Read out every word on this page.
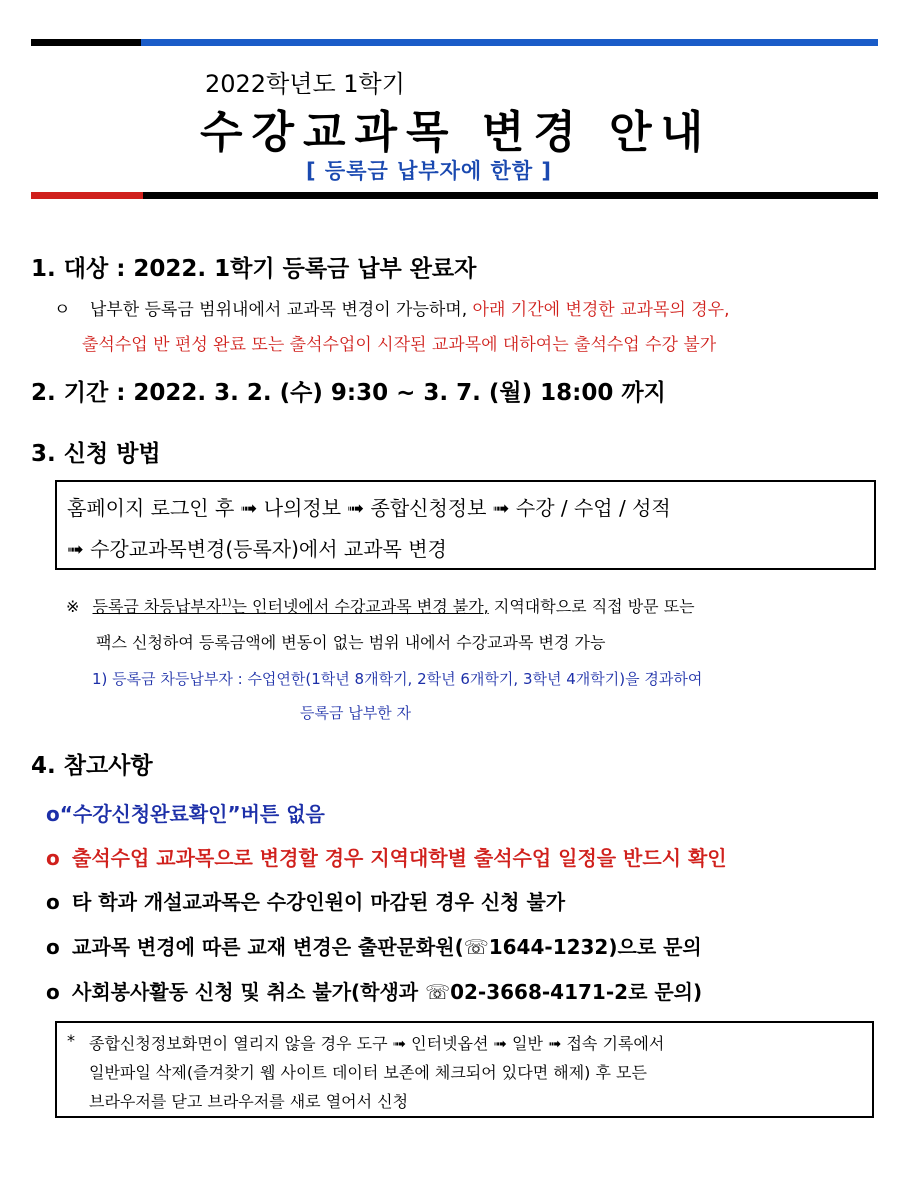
2022학년도 1학기
수강교과목 변경 안내
[ 등록금 납부자에 한함 ]
1. 대상 : 2022. 1학기 등록금 납부 완료자
ㅇ 납부한 등록금 범위내에서 교과목 변경이 가능하며, 아래 기간에 변경한 교과목의 경우,
출석수업 반 편성 완료 또는 출석수업이 시작된 교과목에 대하여는 출석수업 수강 불가
2. 기간 : 2022. 3. 2. (수) 9:30 ~ 3. 7. (월) 18:00 까지
3. 신청 방법
홈페이지 로그인 후 ➟ 나의정보 ➟ 종합신청정보 ➟ 수강 / 수업 / 성적
➟ 수강교과목변경(등록자)에서 교과목 변경
※ 등록금 차등납부자$^{1)}$는 인터넷에서 수강교과목 변경 불가, 지역대학으로 직접 방문 또는
팩스 신청하여 등록금액에 변동이 없는 범위 내에서 수강교과목 변경 가능
1) 등록금 차등납부자 : 수업연한(1학년 8개학기, 2학년 6개학기, 3학년 4개학기)을 경과하여
등록금 납부한 자
4. 참고사항
o“수강신청완료확인”버튼 없음
o 출석수업 교과목으로 변경할 경우 지역대학별 출석수업 일정을 반드시 확인
o 타 학과 개설교과목은 수강인원이 마감된 경우 신청 불가
o 교과목 변경에 따른 교재 변경은 출판문화원(☏1644-1232)으로 문의
o 사회봉사활동 신청 및 취소 불가(학생과 ☏02-3668-4171-2로 문의)
* 종합신청정보화면이 열리지 않을 경우 도구 ➟ 인터넷옵션 ➟ 일반 ➟ 접속 기록에서
일반파일 삭제(즐겨찾기 웹 사이트 데이터 보존에 체크되어 있다면 해제) 후 모든
브라우저를 닫고 브라우저를 새로 열어서 신청
